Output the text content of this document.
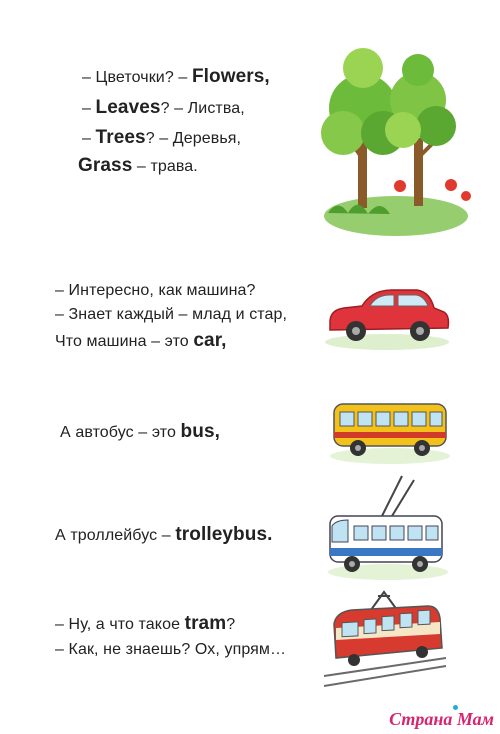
– Цветочки? – Flowers,
– Leaves? – Листва,
– Trees? – Деревья,
Grass – трава.
– Интересно, как машина?
– Знает каждый – млад и стар,
Что машина – это car,
А автобус – это bus,
А троллейбус – trolleybus.
– Ну, а что такое tram?
– Как, не знаешь? Ох, упрям…
Страна Мам
